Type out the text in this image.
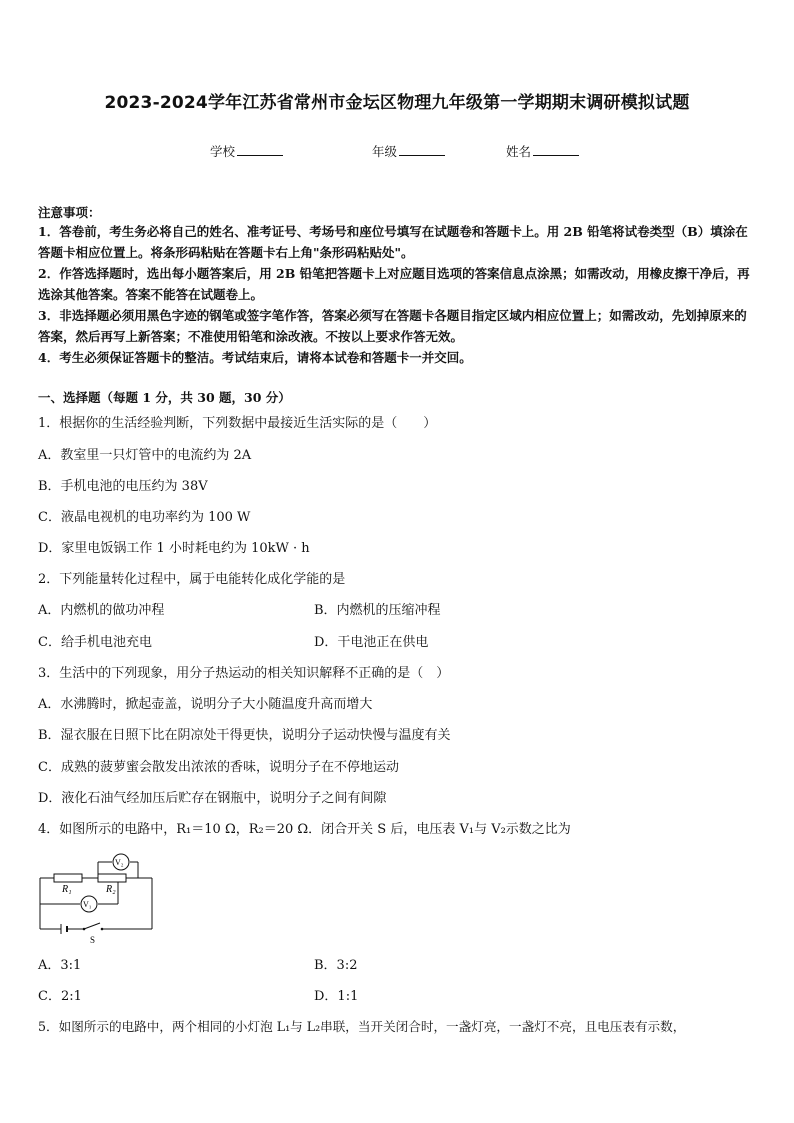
2023-2024学年江苏省常州市金坛区物理九年级第一学期期末调研模拟试题
学校	年级	姓名
注意事项：
1．答卷前，考生务必将自己的姓名、准考证号、考场号和座位号填写在试题卷和答题卡上。用 2B 铅笔将试卷类型（B）填涂在答题卡相应位置上。将条形码粘贴在答题卡右上角"条形码粘贴处"。
2．作答选择题时，选出每小题答案后，用 2B 铅笔把答题卡上对应题目选项的答案信息点涂黑；如需改动，用橡皮擦干净后，再选涂其他答案。答案不能答在试题卷上。
3．非选择题必须用黑色字迹的钢笔或签字笔作答，答案必须写在答题卡各题目指定区域内相应位置上；如需改动，先划掉原来的答案，然后再写上新答案；不准使用铅笔和涂改液。不按以上要求作答无效。
4．考生必须保证答题卡的整洁。考试结束后，请将本试卷和答题卡一并交回。
一、选择题（每题 1 分，共 30 题，30 分）
1．根据你的生活经验判断，下列数据中最接近生活实际的是（　　）
A．教室里一只灯管中的电流约为 2A
B．手机电池的电压约为 38V
C．液晶电视机的电功率约为 100 W
D．家里电饭锅工作 1 小时耗电约为 10kW · h
2．下列能量转化过程中，属于电能转化成化学能的是
A．内燃机的做功冲程	B．内燃机的压缩冲程
C．给手机电池充电	D．干电池正在供电
3．生活中的下列现象，用分子热运动的相关知识解释不正确的是（　）
A．水沸腾时，掀起壶盖，说明分子大小随温度升高而增大
B．湿衣服在日照下比在阴凉处干得更快，说明分子运动快慢与温度有关
C．成熟的菠萝蜜会散发出浓浓的香味，说明分子在不停地运动
D．液化石油气经加压后贮存在钢瓶中，说明分子之间有间隙
4．如图所示的电路中，R₁＝10 Ω，R₂＝20 Ω．闭合开关 S 后，电压表 V₁与 V₂示数之比为
R₁	R₂
V₂
V₁
S
A．3:1	B．3:2
C．2:1	D．1:1
5．如图所示的电路中，两个相同的小灯泡 L₁与 L₂串联，当开关闭合时，一盏灯亮，一盏灯不亮，且电压表有示数，
